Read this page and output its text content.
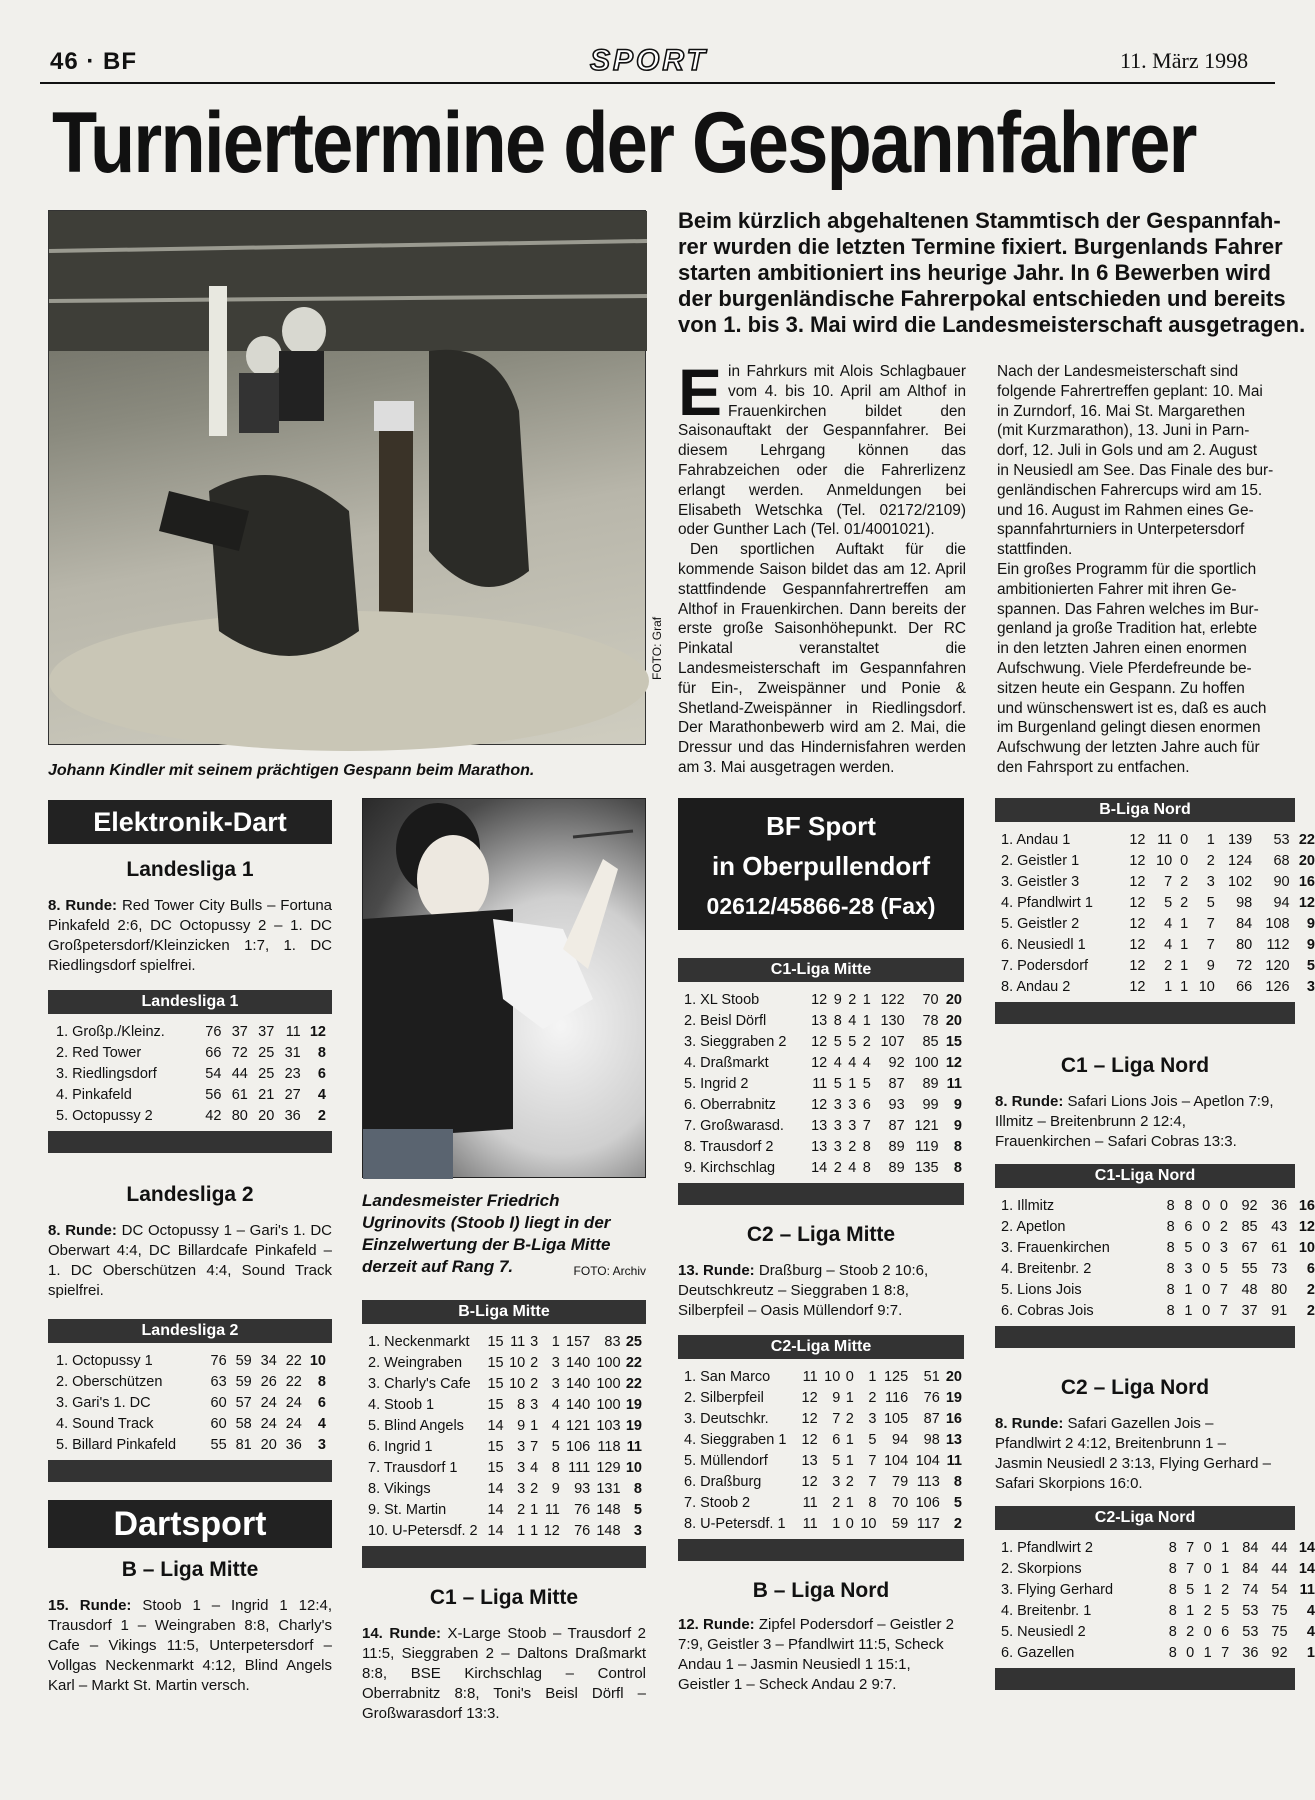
46 · BF	SPORT	11. März 1998
Turniertermine der Gespannfahrer
FOTO: Graf
Johann Kindler mit seinem prächtigen Gespann beim Marathon.
Beim kürzlich abgehaltenen Stammtisch der Gespannfah-
rer wurden die letzten Termine fixiert. Burgenlands Fahrer
starten ambitioniert ins heurige Jahr. In 6 Bewerben wird
der burgenländische Fahrerpokal entschieden und bereits
von 1. bis 3. Mai wird die Landesmeisterschaft ausgetragen.
E in Fahrkurs mit Alois Schlagbauer vom 4. bis 10. April am Althof in Frauenkirchen bildet den Saisonauftakt der Gespannfahrer. Bei diesem Lehrgang können das Fahrabzeichen oder die Fahrerlizenz erlangt werden. Anmeldungen bei Elisabeth Wetschka (Tel. 02172/2109) oder Gunther Lach (Tel. 01/4001021).

Den sportlichen Auftakt für die kommende Saison bildet das am 12. April stattfindende Gespannfahrertreffen am Althof in Frauenkirchen. Dann bereits der erste große Saisonhöhepunkt. Der RC Pinkatal veranstaltet die Landesmeisterschaft im Gespannfahren für Ein-, Zweispänner und Ponie & Shetland-Zweispänner in Riedlingsdorf. Der Marathonbewerb wird am 2. Mai, die Dressur und das Hindernisfahren werden am 3. Mai ausgetragen werden.

Nach der Landesmeisterschaft sind
folgende Fahrertreffen geplant: 10. Mai
in Zurndorf, 16. Mai St. Margarethen
(mit Kurzmarathon), 13. Juni in Parn-
dorf, 12. Juli in Gols und am 2. August
in Neusiedl am See. Das Finale des bur-
genländischen Fahrercups wird am 15.
und 16. August im Rahmen eines Ge-
spannfahrturniers in Unterpetersdorf
stattfinden.
Ein großes Programm für die sportlich
ambitionierten Fahrer mit ihren Ge-
spannen. Das Fahren welches im Bur-
genland ja große Tradition hat, erlebte
in den letzten Jahren einen enormen
Aufschwung. Viele Pferdefreunde be-
sitzen heute ein Gespann. Zu hoffen
und wünschenswert ist es, daß es auch
im Burgenland gelingt diesen enormen
Aufschwung der letzten Jahre auch für
den Fahrsport zu entfachen.
Elektronik-Dart
Landesliga 1
8. Runde: Red Tower City Bulls – Fortuna Pinkafeld 2:6, DC Octopussy 2 – 1. DC Großpetersdorf/Kleinzicken 1:7, 1. DC Riedlingsdorf spielfrei.
Landesliga 1
1. Großp./Kleinz.	76	37	37	11	12
2. Red Tower	66	72	25	31	8
3. Riedlingsdorf	54	44	25	23	6
4. Pinkafeld	56	61	21	27	4
5. Octopussy 2	42	80	20	36	2
Landesliga 2
8. Runde: DC Octopussy 1 – Gari's 1. DC Oberwart 4:4, DC Billardcafe Pinkafeld – 1. DC Oberschützen 4:4, Sound Track spielfrei.
Landesliga 2
1. Octopussy 1	76	59	34	22	10
2. Oberschützen	63	59	26	22	8
3. Gari's 1. DC	60	57	24	24	6
4. Sound Track	60	58	24	24	4
5. Billard Pinkafeld	55	81	20	36	3
Dartsport
B – Liga Mitte
15. Runde: Stoob 1 – Ingrid 1 12:4, Trausdorf 1 – Weingraben 8:8, Charly's Cafe – Vikings 11:5, Unterpetersdorf – Vollgas Neckenmarkt 4:12, Blind Angels Karl – Markt St. Martin versch.
Landesmeister Friedrich Ugrinovits (Stoob I) liegt in der Einzelwertung der B-Liga Mitte derzeit auf Rang 7.	FOTO: Archiv
B-Liga Mitte
1. Neckenmarkt	15	11	3	1	157	83	25
2. Weingraben	15	10	2	3	140	100	22
3. Charly's Cafe	15	10	2	3	140	100	22
4. Stoob 1	15	8	3	4	140	100	19
5. Blind Angels	14	9	1	4	121	103	19
6. Ingrid 1	15	3	7	5	106	118	11
7. Trausdorf 1	15	3	4	8	111	129	10
8. Vikings	14	3	2	9	93	131	8
9. St. Martin	14	2	1	11	76	148	5
10. U-Petersdf. 2	14	1	1	12	76	148	3
C1 – Liga Mitte
14. Runde: X-Large Stoob – Trausdorf 2 11:5, Sieggraben 2 – Daltons Draßmarkt 8:8, BSE Kirchschlag – Control Oberrabnitz 8:8, Toni's Beisl Dörfl – Großwarasdorf 13:3.
BF Sport
in Oberpullendorf
02612/45866-28 (Fax)
C1-Liga Mitte
1. XL Stoob	12	9	2	1	122	70	20
2. Beisl Dörfl	13	8	4	1	130	78	20
3. Sieggraben 2	12	5	5	2	107	85	15
4. Draßmarkt	12	4	4	4	92	100	12
5. Ingrid 2	11	5	1	5	87	89	11
6. Oberrabnitz	12	3	3	6	93	99	9
7. Großwarasd.	13	3	3	7	87	121	9
8. Trausdorf 2	13	3	2	8	89	119	8
9. Kirchschlag	14	2	4	8	89	135	8
C2 – Liga Mitte
13. Runde: Draßburg – Stoob 2 10:6, Deutschkreutz – Sieggraben 1 8:8, Silberpfeil – Oasis Müllendorf 9:7.
C2-Liga Mitte
1. San Marco	11	10	0	1	125	51	20
2. Silberpfeil	12	9	1	2	116	76	19
3. Deutschkr.	12	7	2	3	105	87	16
4. Sieggraben 1	12	6	1	5	94	98	13
5. Müllendorf	13	5	1	7	104	104	11
6. Draßburg	12	3	2	7	79	113	8
7. Stoob 2	11	2	1	8	70	106	5
8. U-Petersdf. 1	11	1	0	10	59	117	2
B – Liga Nord
12. Runde: Zipfel Podersdorf – Geistler 2 7:9, Geistler 3 – Pfandlwirt 11:5, Scheck Andau 1 – Jasmin Neusiedl 1 15:1, Geistler 1 – Scheck Andau 2 9:7.
B-Liga Nord
1. Andau 1	12	11	0	1	139	53	22
2. Geistler 1	12	10	0	2	124	68	20
3. Geistler 3	12	7	2	3	102	90	16
4. Pfandlwirt 1	12	5	2	5	98	94	12
5. Geistler 2	12	4	1	7	84	108	9
6. Neusiedl 1	12	4	1	7	80	112	9
7. Podersdorf	12	2	1	9	72	120	5
8. Andau 2	12	1	1	10	66	126	3
C1 – Liga Nord
8. Runde: Safari Lions Jois – Apetlon 7:9, Illmitz – Breitenbrunn 2 12:4, Frauenkirchen – Safari Cobras 13:3.
C1-Liga Nord
1. Illmitz	8	8	0	0	92	36	16
2. Apetlon	8	6	0	2	85	43	12
3. Frauenkirchen	8	5	0	3	67	61	10
4. Breitenbr. 2	8	3	0	5	55	73	6
5. Lions Jois	8	1	0	7	48	80	2
6. Cobras Jois	8	1	0	7	37	91	2
C2 – Liga Nord
8. Runde: Safari Gazellen Jois – Pfandlwirt 2 4:12, Breitenbrunn 1 – Jasmin Neusiedl 2 3:13, Flying Gerhard – Safari Skorpions 16:0.
C2-Liga Nord
1. Pfandlwirt 2	8	7	0	1	84	44	14
2. Skorpions	8	7	0	1	84	44	14
3. Flying Gerhard	8	5	1	2	74	54	11
4. Breitenbr. 1	8	1	2	5	53	75	4
5. Neusiedl 2	8	2	0	6	53	75	4
6. Gazellen	8	0	1	7	36	92	1
